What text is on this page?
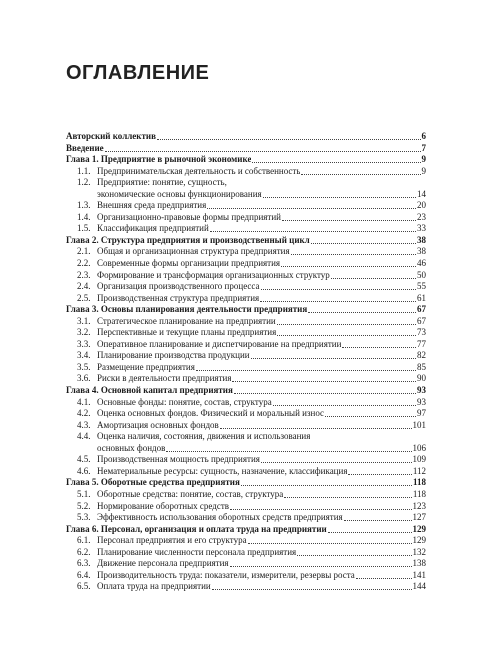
ОГЛАВЛЕНИЕ
Авторский коллектив	6
Введение	7
Глава 1. Предприятие в рыночной экономике	9
1.1. Предпринимательская деятельность и собственность	9
1.2. Предприятие: понятие, сущность,
экономические основы функционирования	14
1.3. Внешняя среда предприятия	20
1.4. Организационно-правовые формы предприятий	23
1.5. Классификация предприятий	33
Глава 2. Структура предприятия и производственный цикл	38
2.1. Общая и организационная структура предприятия	38
2.2. Современные формы организации предприятия	46
2.3. Формирование и трансформация организационных структур	50
2.4. Организация производственного процесса	55
2.5. Производственная структура предприятия	61
Глава 3. Основы планирования деятельности предприятия	67
3.1. Стратегическое планирование на предприятии	67
3.2. Перспективные и текущие планы предприятия	73
3.3. Оперативное планирование и диспетчирование на предприятии	77
3.4. Планирование производства продукции	82
3.5. Размещение предприятия	85
3.6. Риски в деятельности предприятия	90
Глава 4. Основной капитал предприятия	93
4.1. Основные фонды: понятие, состав, структура	93
4.2. Оценка основных фондов. Физический и моральный износ	97
4.3. Амортизация основных фондов	101
4.4. Оценка наличия, состояния, движения и использования
основных фондов	106
4.5. Производственная мощность предприятия	109
4.6. Нематериальные ресурсы: сущность, назначение, классификация	112
Глава 5. Оборотные средства предприятия	118
5.1. Оборотные средства: понятие, состав, структура	118
5.2. Нормирование оборотных средств	123
5.3. Эффективность использования оборотных средств предприятия	127
Глава 6. Персонал, организация и оплата труда на предприятии	129
6.1. Персонал предприятия и его структура	129
6.2. Планирование численности персонала предприятия	132
6.3. Движение персонала предприятия	138
6.4. Производительность труда: показатели, измерители, резервы роста	141
6.5. Оплата труда на предприятии	144
